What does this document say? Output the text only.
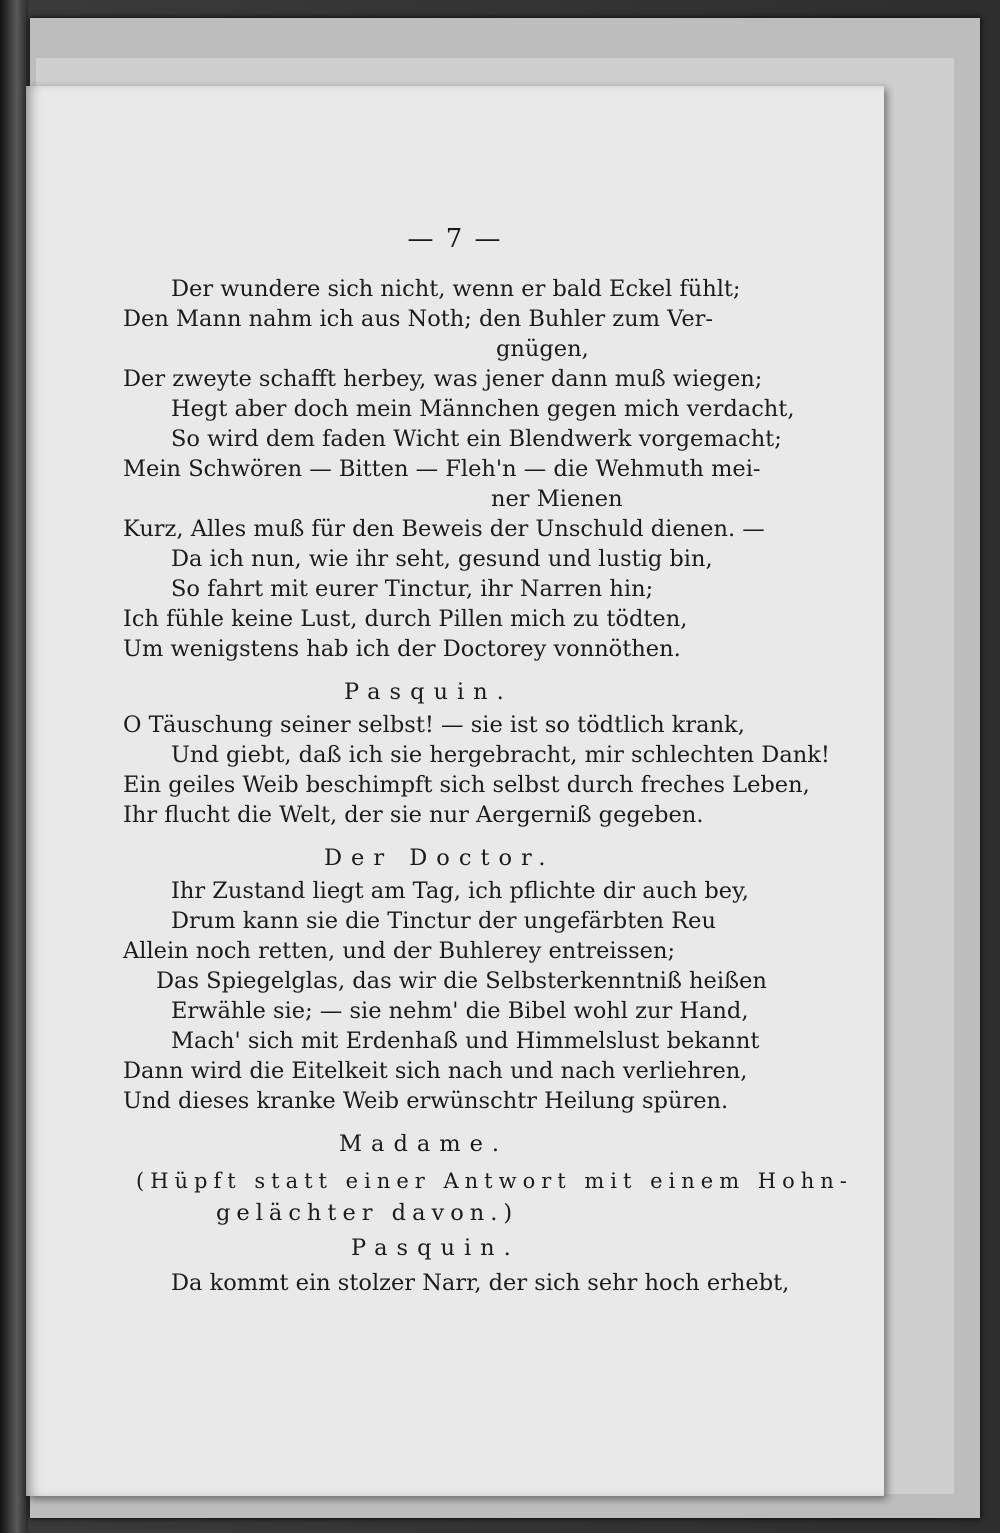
— 7 —
Der wundere sich nicht, wenn er bald Eckel fühlt;
Den Mann nahm ich aus Noth; den Buhler zum Ver-
gnügen,
Der zweyte schafft herbey, was jener dann muß wiegen;
Hegt aber doch mein Männchen gegen mich verdacht,
So wird dem faden Wicht ein Blendwerk vorgemacht;
Mein Schwören — Bitten — Fleh'n — die Wehmuth mei-
ner Mienen
Kurz, Alles muß für den Beweis der Unschuld dienen. —
Da ich nun, wie ihr seht, gesund und lustig bin,
So fahrt mit eurer Tinctur, ihr Narren hin;
Ich fühle keine Lust, durch Pillen mich zu tödten,
Um wenigstens hab ich der Doctorey vonnöthen.
Pasquin.
O Täuschung seiner selbst! — sie ist so tödtlich krank,
Und giebt, daß ich sie hergebracht, mir schlechten Dank!
Ein geiles Weib beschimpft sich selbst durch freches Leben,
Ihr flucht die Welt, der sie nur Aergerniß gegeben.
Der Doctor.
Ihr Zustand liegt am Tag, ich pflichte dir auch bey,
Drum kann sie die Tinctur der ungefärbten Reu
Allein noch retten, und der Buhlerey entreissen;
Das Spiegelglas, das wir die Selbsterkenntniß heißen
Erwähle sie; — sie nehm' die Bibel wohl zur Hand,
Mach' sich mit Erdenhaß und Himmelslust bekannt
Dann wird die Eitelkeit sich nach und nach verliehren,
Und dieses kranke Weib erwünschtr Heilung spüren.
Madame.
(Hüpft statt einer Antwort mit einem Hohn-
gelächter davon.)
Pasquin.
Da kommt ein stolzer Narr, der sich sehr hoch erhebt,
